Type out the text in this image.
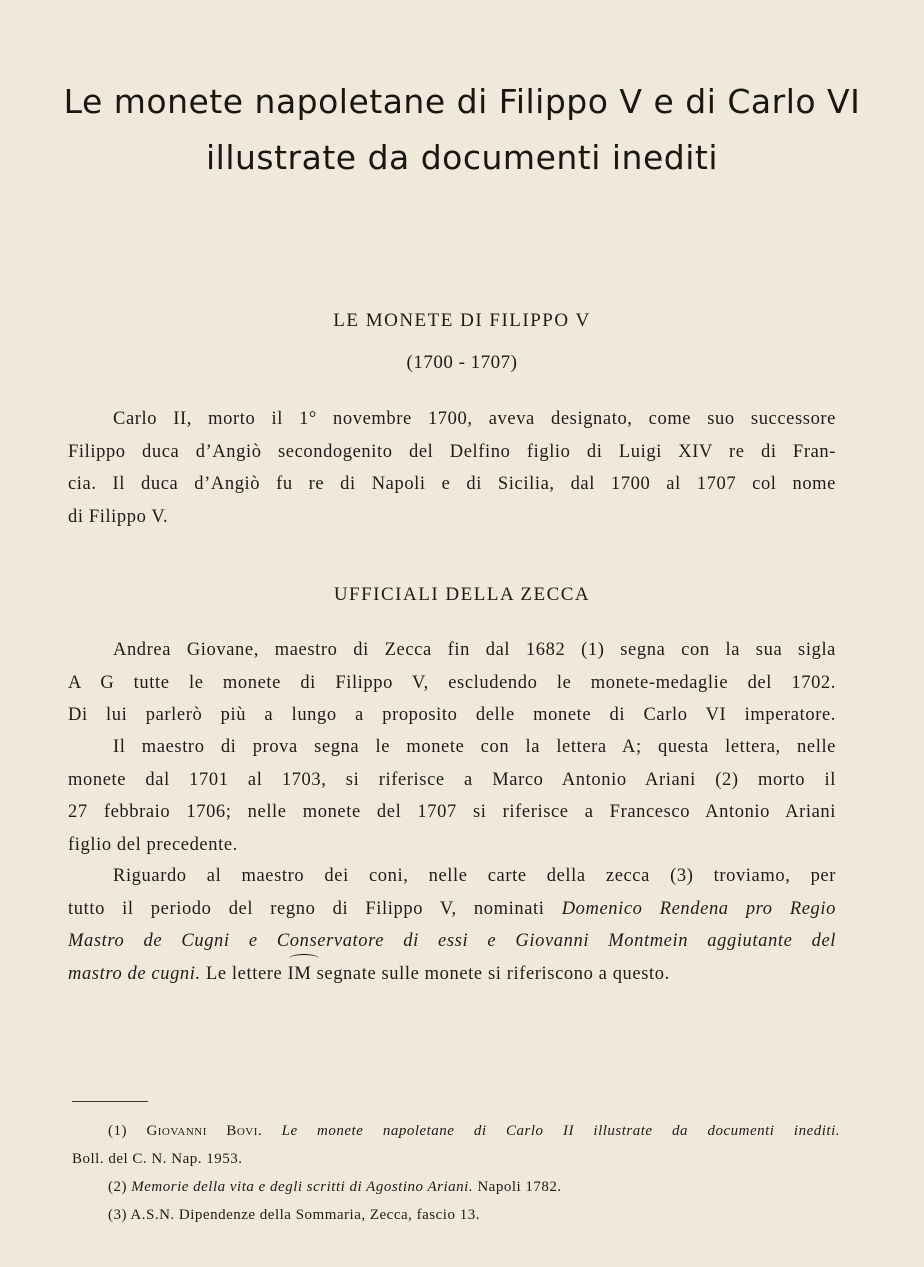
Le monete napoletane di Filippo V e di Carlo VI
illustrate da documenti inediti
LE MONETE DI FILIPPO V
(1700 - 1707)
Carlo II, morto il 1° novembre 1700, aveva designato, come suo successore
Filippo duca d’Angiò secondogenito del Delfino figlio di Luigi XIV re di Fran-
cia. Il duca d’Angiò fu re di Napoli e di Sicilia, dal 1700 al 1707 col nome
di Filippo V.
UFFICIALI DELLA ZECCA
Andrea Giovane, maestro di Zecca fin dal 1682 (1) segna con la sua sigla
A G tutte le monete di Filippo V, escludendo le monete-medaglie del 1702.
Di lui parlerò più a lungo a proposito delle monete di Carlo VI imperatore.
Il maestro di prova segna le monete con la lettera A; questa lettera, nelle
monete dal 1701 al 1703, si riferisce a Marco Antonio Ariani (2) morto il
27 febbraio 1706; nelle monete del 1707 si riferisce a Francesco Antonio Ariani
figlio del precedente.
Riguardo al maestro dei coni, nelle carte della zecca (3) troviamo, per
tutto il periodo del regno di Filippo V, nominati Domenico Rendena pro Regio
Mastro de Cugni e Conservatore di essi e Giovanni Montmein aggiutante del
mastro de cugni. Le lettere
IM segnate sulle monete si riferiscono a questo.
(1) Giovanni Bovi. Le monete napoletane di Carlo II illustrate da documenti inediti.
Boll. del C. N. Nap. 1953.
(2) Memorie della vita e degli scritti di Agostino Ariani. Napoli 1782.
(3) A.S.N. Dipendenze della Sommaria, Zecca, fascio 13.
